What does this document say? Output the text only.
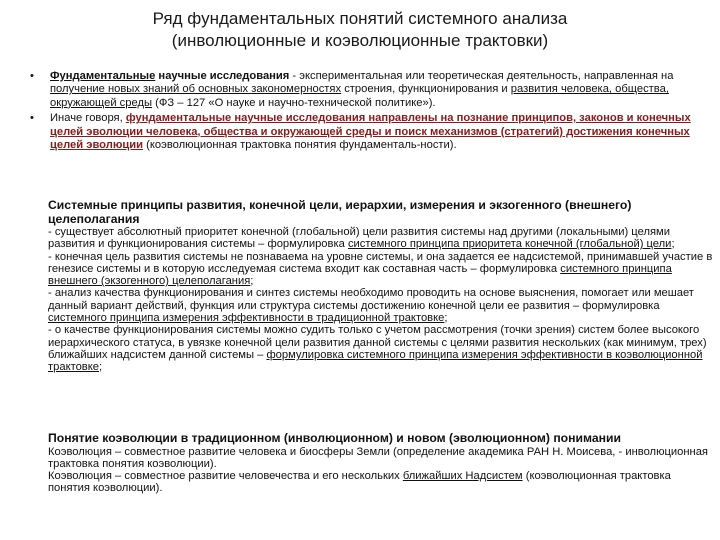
Ряд фундаментальных понятий системного анализа
(инволюционные и коэволюционные трактовки)
•	Фундаментальные научные исследования - экспериментальная или теоретическая деятельность, направленная на получение новых знаний об основных закономерностях строения, функционирования и развития человека, общества, окружающей среды (ФЗ – 127 «О науке и научно-технической политике»).
•	Иначе говоря, фундаментальные научные исследования направлены на познание принципов, законов и конечных целей эволюции человека, общества и окружающей среды и поиск механизмов (стратегий) достижения конечных целей эволюции (коэволюционная трактовка понятия фундаменталь-ности).
Системные принципы развития, конечной цели, иерархии, измерения и экзогенного (внешнего) целеполагания
- существует абсолютный приоритет конечной (глобальной) цели развития системы над другими (локальными) целями развития и функционирования системы – формулировка системного принципа приоритета конечной (глобальной) цели;
- конечная цель развития системы не познаваема на уровне системы, и она задается ее надсистемой, принимавшей участие в генезисе системы и в которую исследуемая система входит как составная часть – формулировка системного принципа внешнего (экзогенного) целеполагания;
- анализ качества функционирования и синтез системы необходимо проводить на основе выяснения, помогает или мешает данный вариант действий, функция или структура системы достижению конечной цели ее развития – формулировка системного принципа измерения эффективности в традиционной трактовке;
- о качестве функционирования системы можно судить только с учетом рассмотрения (точки зрения) систем более высокого иерархического статуса, в увязке конечной цели развития данной системы с целями развития нескольких (как минимум, трех) ближайших надсистем данной системы – формулировка системного принципа измерения эффективности в коэволюционной трактовке;
Понятие коэволюции в традиционном (инволюционном) и новом (эволюционном) понимании
Коэволюция – совместное развитие человека и биосферы Земли (определение академика РАН Н. Моисева, - инволюционная трактовка понятия коэволюции).
Коэволюция – совместное развитие человечества и его нескольких ближайших Надсистем (коэволюционная трактовка понятия коэволюции).
